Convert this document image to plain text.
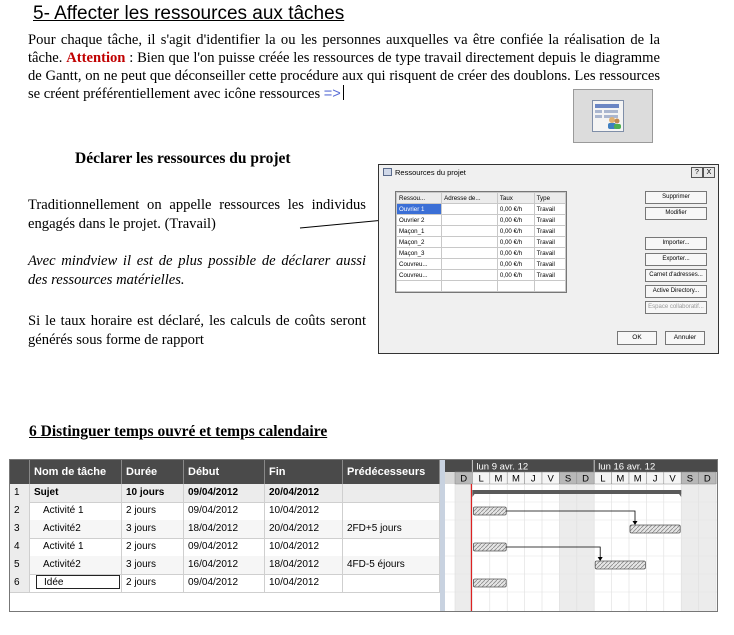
5- Affecter les ressources aux tâches
Pour chaque tâche, il s'agit d'identifier la ou les personnes auxquelles va être confiée la réalisation de la tâche. Attention : Bien que l'on puisse créée les ressources de type travail directement depuis le diagramme de Gantt, on ne peut que déconseiller cette procédure aux qui risquent de créer des doublons. Les ressources se créent préférentiellement avec icône ressources =>
Déclarer les ressources du projet
Traditionnellement on appelle ressources les individus engagés dans le projet. (Travail)
Avec mindview il est de plus possible de déclarer aussi des ressources matérielles.
Si le taux horaire est déclaré, les calculs de coûts seront générés sous forme de rapport
Ressources du projet	?	X
Ressou...	Adresse de...	Taux	Type
Ouvrier 1		0,00 €/h	Travail
Ouvrier 2		0,00 €/h	Travail
Maçon_1		0,00 €/h	Travail
Maçon_2		0,00 €/h	Travail
Maçon_3		0,00 €/h	Travail
Couvreu...		0,00 €/h	Travail
Couvreu...		0,00 €/h	Travail

Supprimer
Modifier
Importer...
Exporter...
Carnet d'adresses...
Active Directory...
Espace collaboratif...
OK	Annuler
6 Distinguer temps ouvré et temps calendaire
Nom de tâche	Durée	Début	Fin	Prédécesseurs
1	Sujet	10 jours	09/04/2012	20/04/2012
2	Activité 1	2 jours	09/04/2012	10/04/2012
3	Activité2	3 jours	18/04/2012	20/04/2012	2FD+5 jours
4	Activité 1	2 jours	09/04/2012	10/04/2012
5	Activité2	3 jours	16/04/2012	18/04/2012	4FD-5 éjours
6	Idée	2 jours	09/04/2012	10/04/2012
lun 9 avr. 12	lun 16 avr. 12
D L M M J V S D L M M J V S D
